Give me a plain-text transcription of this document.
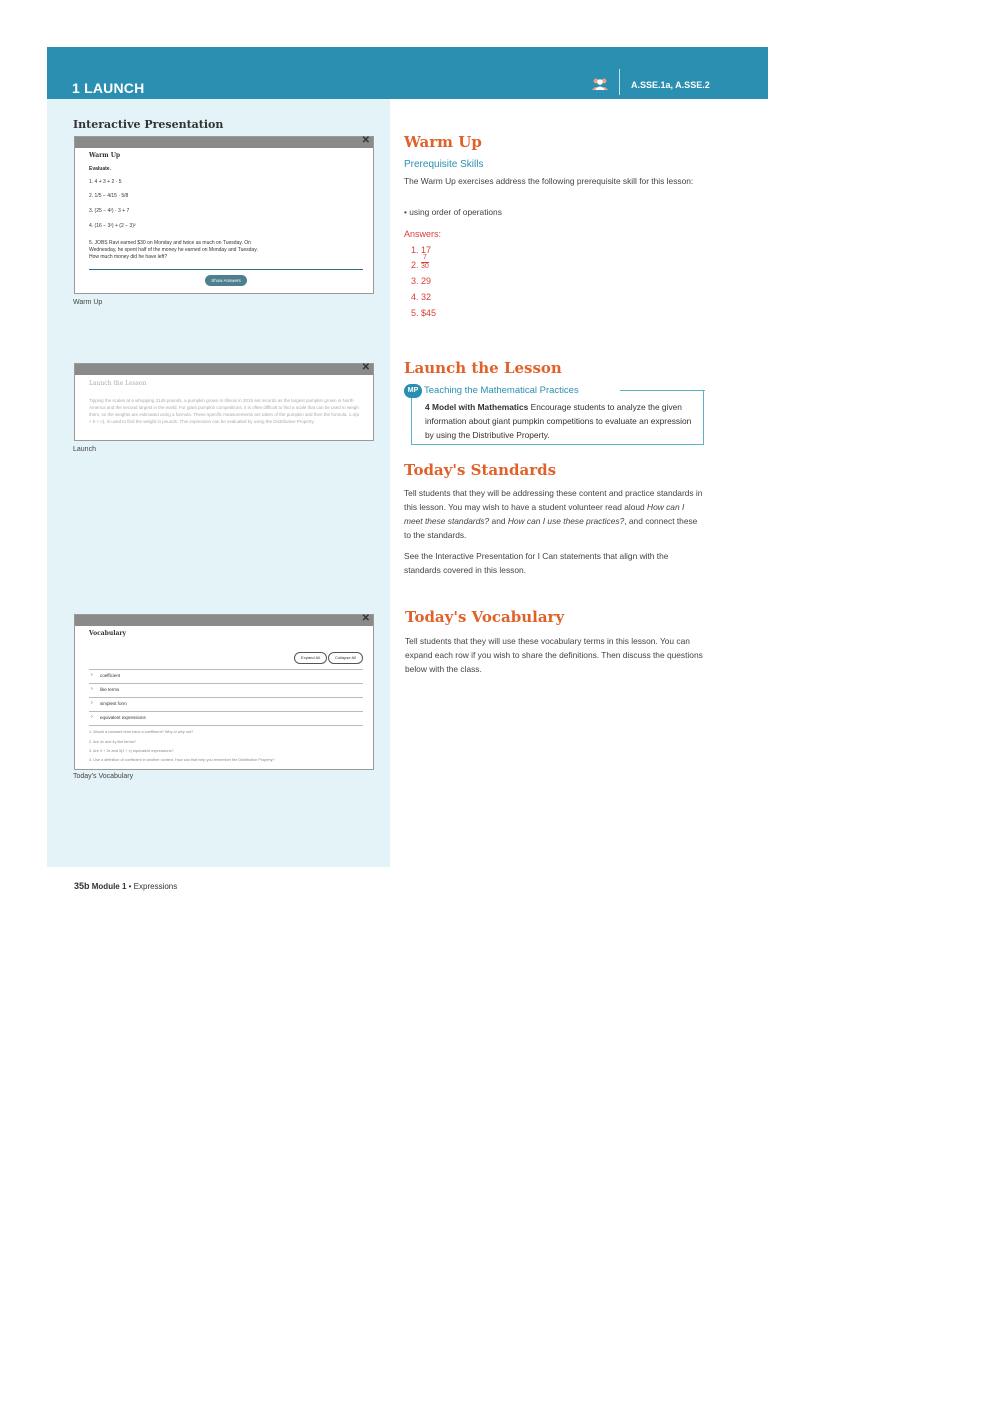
1 LAUNCH	A.SSE.1a, A.SSE.2
Interactive Presentation
✕
Warm Up
Evaluate.
1. 4 + 3 + 2 · 5
2. 1/5 − 4/15 · 5/8
3. (25 − 4²) · 3 + 7
4. (16 − 3²) + (2 − 3)²
5. JOBS Ravi earned $30 on Monday and twice as much on Tuesday. On Wednesday, he spent half of the money he earned on Monday and Tuesday. How much money did he have left?
Show Answers
Warm Up
✕
Launch the Lesson
Tipping the scales at a whopping 2145 pounds, a pumpkin grown in Illinois in 2015 set records as the largest pumpkin grown in North America and the second largest in the world. For giant pumpkin competitions, it is often difficult to find a scale that can be used to weigh them, so the weights are estimated using a formula. These specific measurements are taken of the pumpkin and then the formula, 1.4(a + b + c), is used to find the weight in pounds. This expression can be evaluated by using the Distributive Property.
Launch
✕
Vocabulary
Expand All	Collapse All
› coefficient
› like terms
› simplest form
› equivalent expressions
1. Would a constant term have a coefficient? Why or why not?
2. Are 4x and 4y like terms?
3. Are 3 + 3x and 3(1 + x) equivalent expressions?
4. Use a definition of coefficient in another context. How can that help you remember the Distributive Property?
Today's Vocabulary
Warm Up
Prerequisite Skills
The Warm Up exercises address the following prerequisite skill for this lesson:
• using order of operations
Answers:
1. 17
2. $\frac{7}{30}$
3. 29
4. 32
5. $45
Launch the Lesson
MP Teaching the Mathematical Practices
4 Model with Mathematics Encourage students to analyze the given information about giant pumpkin competitions to evaluate an expression by using the Distributive Property.
Today's Standards
Tell students that they will be addressing these content and practice standards in this lesson. You may wish to have a student volunteer read aloud How can I meet these standards? and How can I use these practices?, and connect these to the standards.
See the Interactive Presentation for I Can statements that align with the standards covered in this lesson.
Today's Vocabulary
Tell students that they will use these vocabulary terms in this lesson. You can expand each row if you wish to share the definitions. Then discuss the questions below with the class.
35b Module 1 • Expressions
